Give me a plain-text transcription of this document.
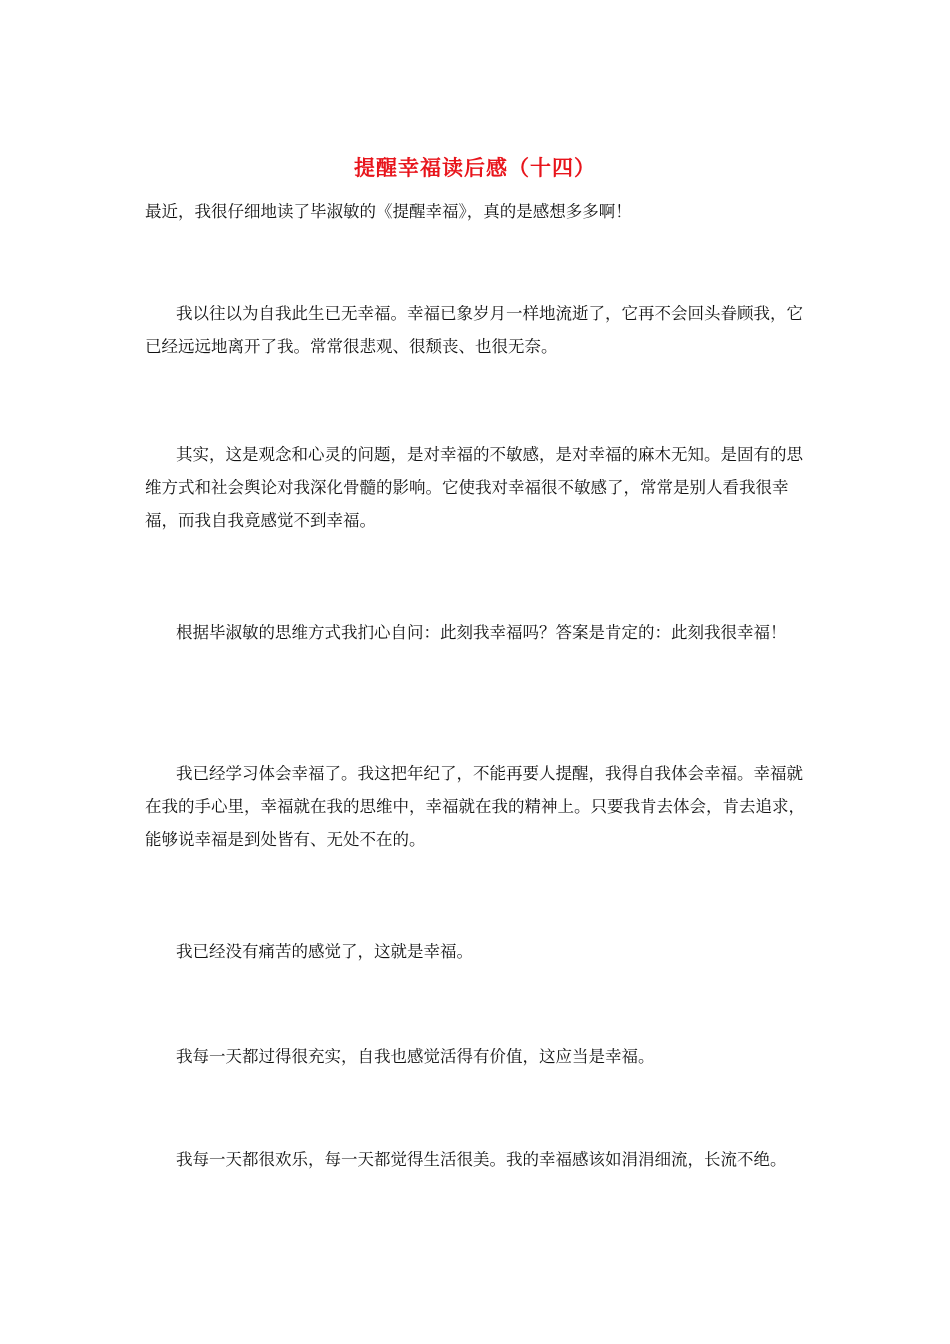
提醒幸福读后感（十四）

最近，我很仔细地读了毕淑敏的《提醒幸福》，真的是感想多多啊！

我以往以为自我此生已无幸福。幸福已象岁月一样地流逝了，它再不会回头眷顾我，它已经远远地离开了我。常常很悲观、很颓丧、也很无奈。

其实，这是观念和心灵的问题，是对幸福的不敏感，是对幸福的麻木无知。是固有的思维方式和社会舆论对我深化骨髓的影响。它使我对幸福很不敏感了，常常是别人看我很幸福，而我自我竟感觉不到幸福。

根据毕淑敏的思维方式我扪心自问：此刻我幸福吗？答案是肯定的：此刻我很幸福！

我已经学习体会幸福了。我这把年纪了，不能再要人提醒，我得自我体会幸福。幸福就在我的手心里，幸福就在我的思维中，幸福就在我的精神上。只要我肯去体会，肯去追求，能够说幸福是到处皆有、无处不在的。

我已经没有痛苦的感觉了，这就是幸福。

我每一天都过得很充实，自我也感觉活得有价值，这应当是幸福。

我每一天都很欢乐，每一天都觉得生活很美。我的幸福感该如涓涓细流，长流不绝。
